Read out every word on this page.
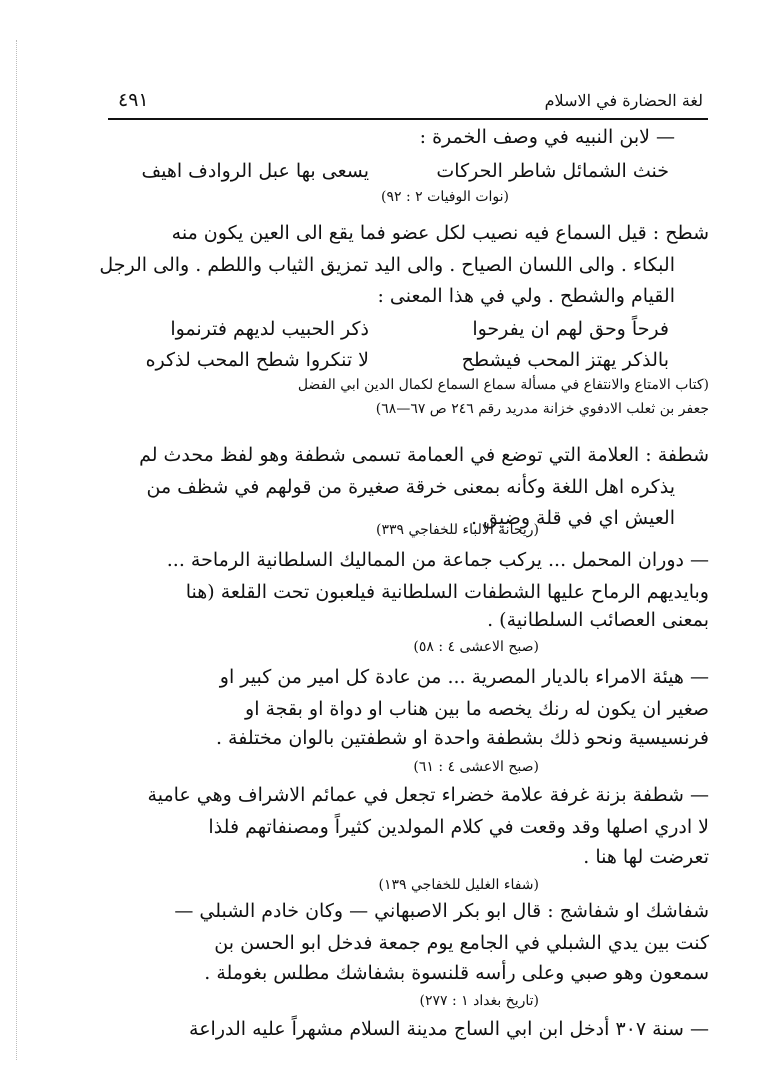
لغة الحضارة في الاسلام
٤٩١
— لابن النبيه في وصف الخمرة :
خنث الشمائل شاطر الحركات
يسعى بها عبل الروادف اهيف
(نوات الوفيات ٢ : ٩٢)
شطح : قيل السماع فيه نصيب لكل عضو فما يقع الى العين يكون منه
البكاء . والى اللسان الصياح . والى اليد تمزيق الثياب واللطم . والى الرجل
القيام والشطح . ولي في هذا المعنى :
ذكر الحبيب لديهم فترنموا	فرحاً وحق لهم ان يفرحوا
لا تنكروا شطح المحب لذكره	بالذكر يهتز المحب فيشطح
(كتاب الامتاع والانتفاع في مسألة سماع السماع لكمال الدين ابي الفضل
جعفر بن ثعلب الادفوي خزانة مدريد رقم ٢٤٦ ص ٦٧—٦٨)
شطفة : العلامة التي توضع في العمامة تسمى شطفة وهو لفظ محدث لم
يذكره اهل اللغة وكأنه بمعنى خرقة صغيرة من قولهم في شظف من
العيش اي في قلة وضيق .
(ريحانة الالباء للخفاجي ٣٣٩)
— دوران المحمل ... يركب جماعة من المماليك السلطانية الرماحة ...
وبايديهم الرماح عليها الشطفات السلطانية فيلعبون تحت القلعة (هنا
بمعنى العصائب السلطانية) .
(صبح الاعشى ٤ : ٥٨)
— هيئة الامراء بالديار المصرية ... من عادة كل امير من كبير او
صغير ان يكون له رنك يخصه ما بين هناب او دواة او بقجة او
فرنسيسية ونحو ذلك بشطفة واحدة او شطفتين بالوان مختلفة .
(صبح الاعشى ٤ : ٦١)
— شطفة بزنة غرفة علامة خضراء تجعل في عمائم الاشراف وهي عامية
لا ادري اصلها وقد وقعت في كلام المولدين كثيراً ومصنفاتهم فلذا
تعرضت لها هنا .
(شفاء الغليل للخفاجي ١٣٩)
شفاشك او شفاشج : قال ابو بكر الاصبهاني — وكان خادم الشبلي —
كنت بين يدي الشبلي في الجامع يوم جمعة فدخل ابو الحسن بن
سمعون وهو صبي وعلى رأسه قلنسوة بشفاشك مطلس بغوملة .
(تاريخ بغداد ١ : ٢٧٧)
— سنة ٣٠٧ أدخل ابن ابي الساج مدينة السلام مشهراً عليه الدراعة
